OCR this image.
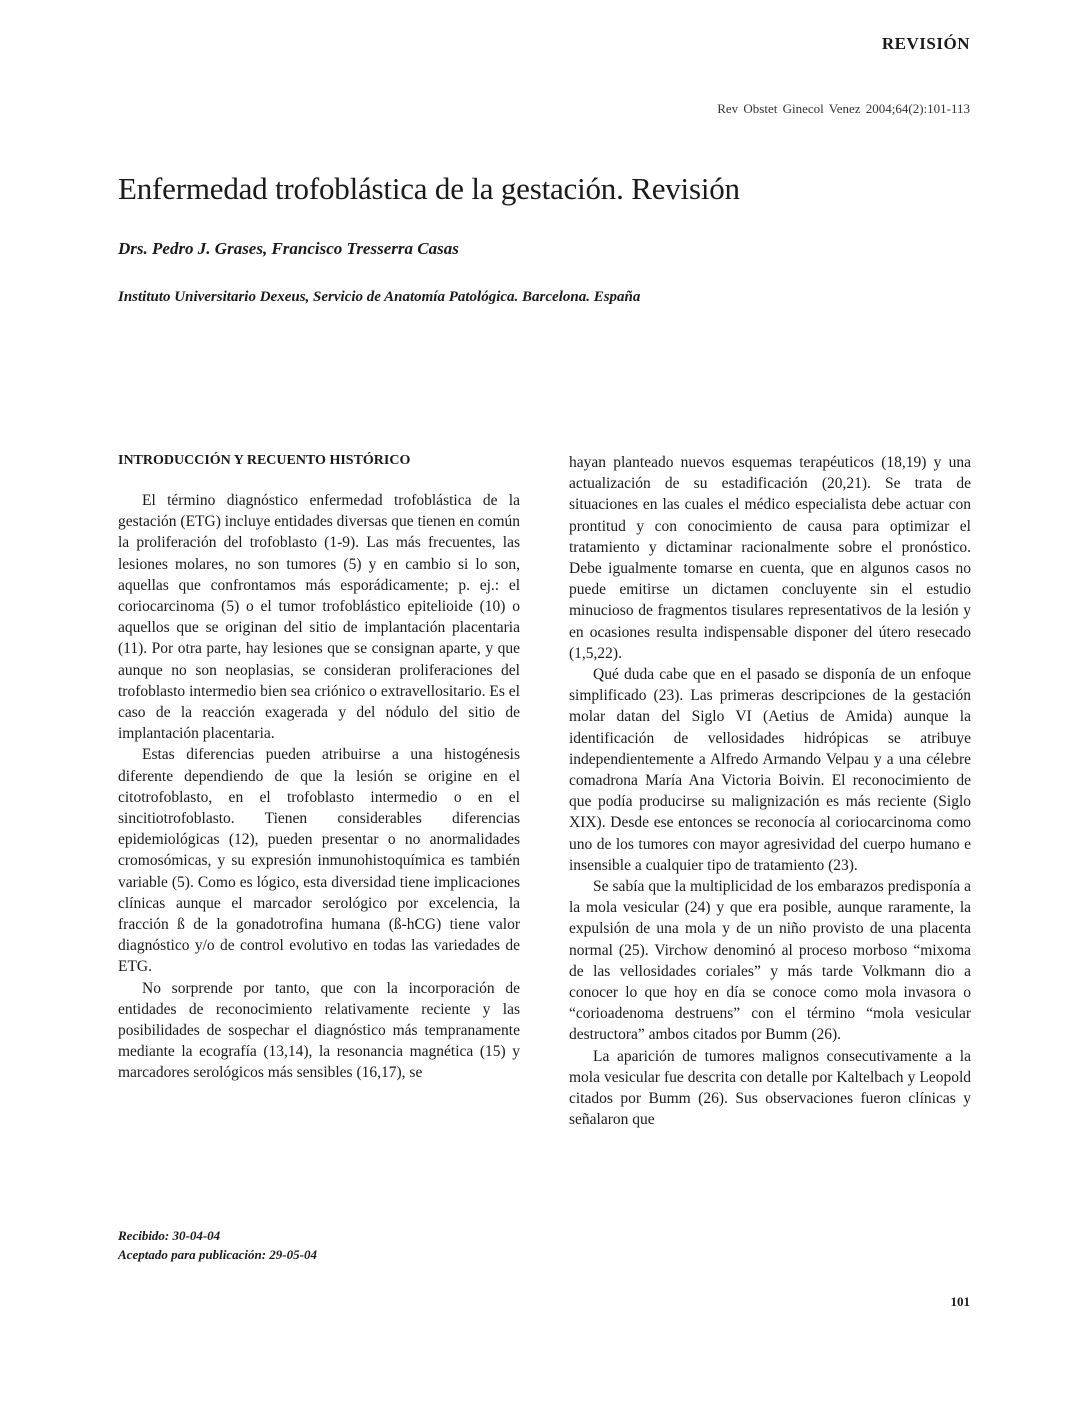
REVISIÓN
Rev Obstet Ginecol Venez 2004;64(2):101-113
Enfermedad trofoblástica de la gestación. Revisión
Drs. Pedro J. Grases, Francisco Tresserra Casas
Instituto Universitario Dexeus, Servicio de Anatomía Patológica. Barcelona. España
INTRODUCCIÓN Y RECUENTO HISTÓRICO

El término diagnóstico enfermedad trofoblástica de la gestación (ETG) incluye entidades diversas que tienen en común la proliferación del trofoblasto (1-9). Las más frecuentes, las lesiones molares, no son tumores (5) y en cambio si lo son, aquellas que confrontamos más esporádicamente; p. ej.: el coriocarcinoma (5) o el tumor trofoblástico epitelioide (10) o aquellos que se originan del sitio de implantación placentaria (11). Por otra parte, hay lesiones que se consignan aparte, y que aunque no son neoplasias, se consideran proliferaciones del trofoblasto intermedio bien sea criónico o extravellositario. Es el caso de la reacción exagerada y del nódulo del sitio de implantación placentaria.

Estas diferencias pueden atribuirse a una histogénesis diferente dependiendo de que la lesión se origine en el citotrofoblasto, en el trofoblasto intermedio o en el sincitiotrofoblasto. Tienen considerables diferencias epidemiológicas (12), pueden presentar o no anormalidades cromosómicas, y su expresión inmunohistoquímica es también variable (5). Como es lógico, esta diversidad tiene implicaciones clínicas aunque el marcador serológico por excelencia, la fracción ß de la gonadotrofina humana (ß-hCG) tiene valor diagnóstico y/o de control evolutivo en todas las variedades de ETG.

No sorprende por tanto, que con la incorporación de entidades de reconocimiento relativamente reciente y las posibilidades de sospechar el diagnóstico más tempranamente mediante la ecografía (13,14), la resonancia magnética (15) y marcadores serológicos más sensibles (16,17), se

hayan planteado nuevos esquemas terapéuticos (18,19) y una actualización de su estadificación (20,21). Se trata de situaciones en las cuales el médico especialista debe actuar con prontitud y con conocimiento de causa para optimizar el tratamiento y dictaminar racionalmente sobre el pronóstico. Debe igualmente tomarse en cuenta, que en algunos casos no puede emitirse un dictamen concluyente sin el estudio minucioso de fragmentos tisulares representativos de la lesión y en ocasiones resulta indispensable disponer del útero resecado (1,5,22).

Qué duda cabe que en el pasado se disponía de un enfoque simplificado (23). Las primeras descripciones de la gestación molar datan del Siglo VI (Aetius de Amida) aunque la identificación de vellosidades hidrópicas se atribuye independientemente a Alfredo Armando Velpau y a una célebre comadrona María Ana Victoria Boivin. El reconocimiento de que podía producirse su malignización es más reciente (Siglo XIX). Desde ese entonces se reconocía al coriocarcinoma como uno de los tumores con mayor agresividad del cuerpo humano e insensible a cualquier tipo de tratamiento (23).

Se sabía que la multiplicidad de los embarazos predisponía a la mola vesicular (24) y que era posible, aunque raramente, la expulsión de una mola y de un niño provisto de una placenta normal (25). Virchow denominó al proceso morboso “mixoma de las vellosidades coriales” y más tarde Volkmann dio a conocer lo que hoy en día se conoce como mola invasora o “corioadenoma destruens” con el término “mola vesicular destructora” ambos citados por Bumm (26).

La aparición de tumores malignos consecutivamente a la mola vesicular fue descrita con detalle por Kaltelbach y Leopold citados por Bumm (26). Sus observaciones fueron clínicas y señalaron que

Recibido: 30-04-04
Aceptado para publicación: 29-05-04
101
